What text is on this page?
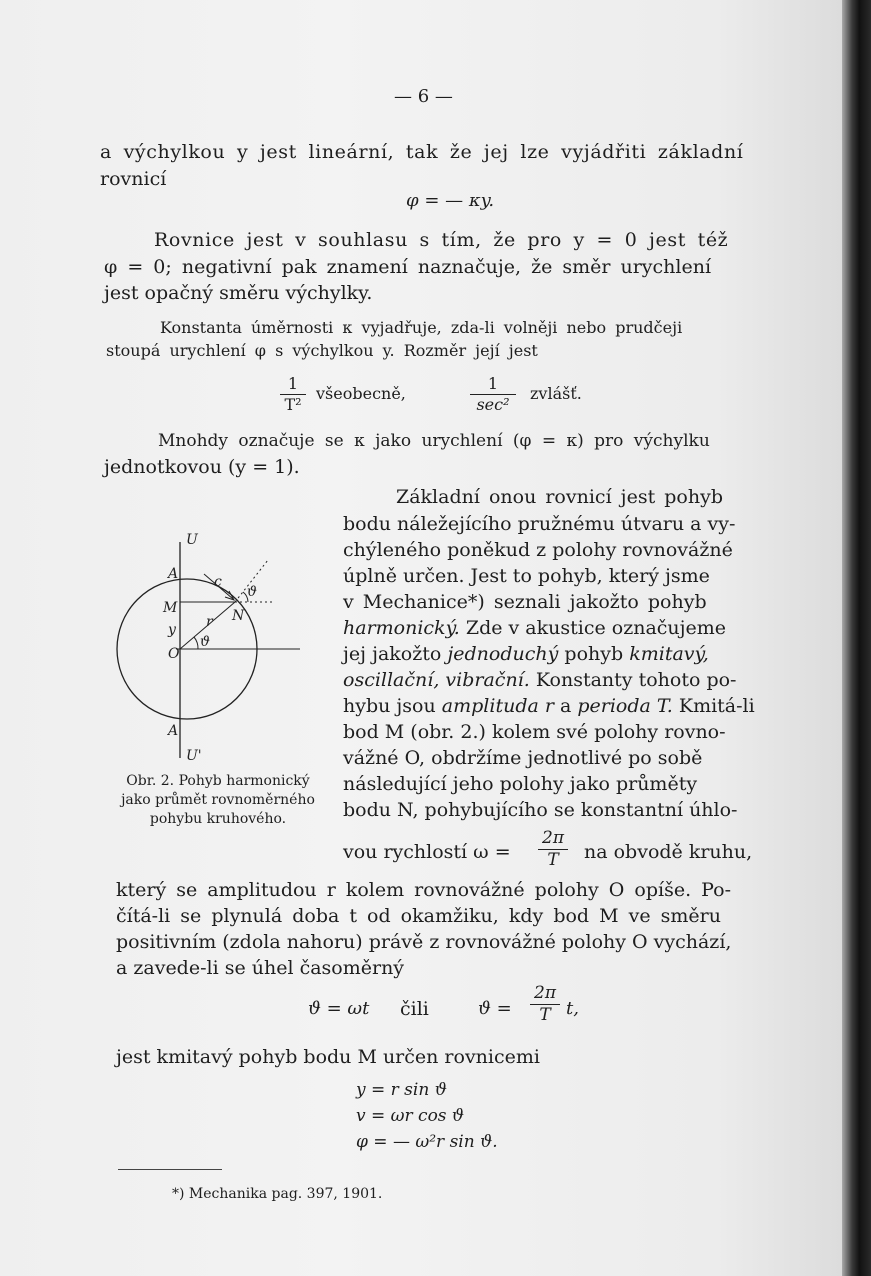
— 6 —
a výchylkou y jest lineární, tak že jej lze vyjádřiti základní
rovnicí
φ = — κy.
Rovnice jest v souhlasu s tím, že pro y = 0 jest též
φ = 0; negativní pak znamení naznačuje, že směr urychlení
jest opačný směru výchylky.
Konstanta úměrnosti κ vyjadřuje, zda-li volněji nebo prudčeji
stoupá urychlení φ s výchylkou y. Rozměr její jest
1
T²
všeobecně,
1
sec²
zvlášť.
Mnohdy označuje se κ jako urychlení (φ = κ) pro výchylku
jednotkovou (y = 1).
U
A	c
ϑ
M	N
r
y
ϑ
O
A
U'
Obr. 2. Pohyb harmonický
jako průmět rovnoměrného
pohybu kruhového.
Základní onou rovnicí jest pohyb
bodu náležejícího pružnému útvaru a vy-
chýleného poněkud z polohy rovnovážné
úplně určen. Jest to pohyb, který jsme
v Mechanice*) seznali jakožto pohyb
harmonický. Zde v akustice označujeme
jej jakožto jednoduchý pohyb kmitavý,
oscillační, vibrační. Konstanty tohoto po-
hybu jsou amplituda r a perioda T. Kmitá-li
bod M (obr. 2.) kolem své polohy rovno-
vážné O, obdržíme jednotlivé po sobě
následující jeho polohy jako průměty
bodu N, pohybujícího se konstantní úhlo-
vou rychlostí ω =
2π
T	na obvodě kruhu,
který se amplitudou r kolem rovnovážné polohy O opíše. Po-
čítá-li se plynulá doba t od okamžiku, kdy bod M ve směru
positivním (zdola nahoru) právě z rovnovážné polohy O vychází,
a zavede-li se úhel časoměrný
ϑ = ωt čili	ϑ =
2π
T t,
jest kmitavý pohyb bodu M určen rovnicemi
y = r sin ϑ
v = ωr cos ϑ
φ = — ω²r sin ϑ.
*) Mechanika pag. 397, 1901.
